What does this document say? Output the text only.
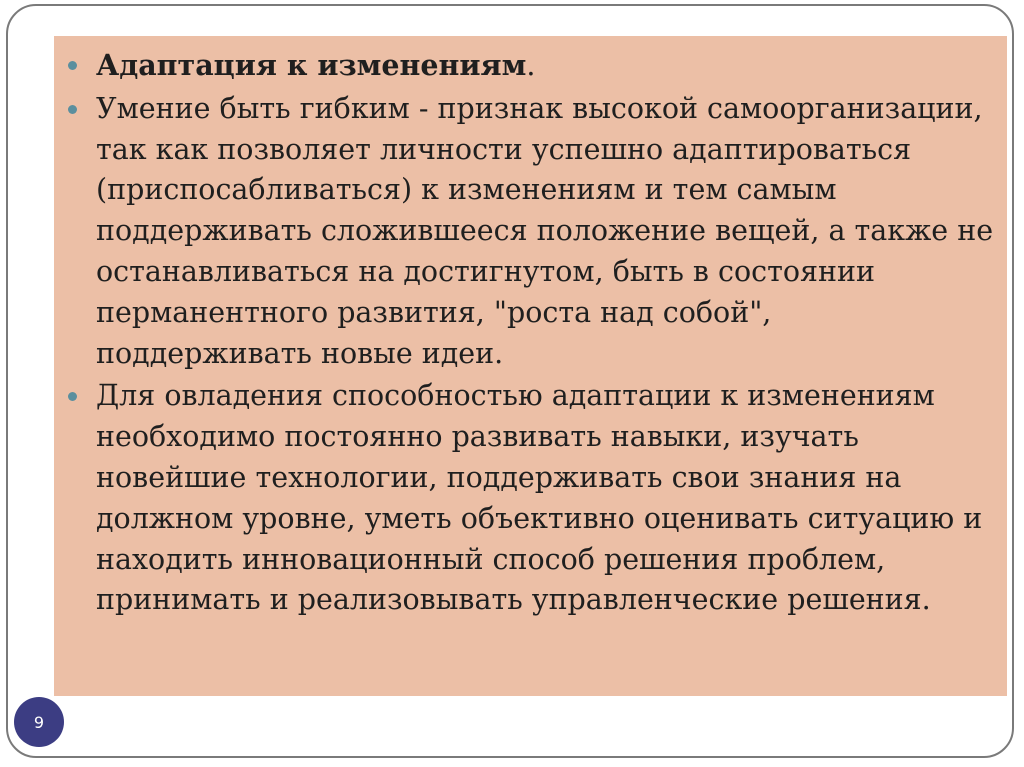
Адаптация к изменениям.
Умение быть гибким - признак высокой самоорганизации, так как позволяет личности успешно адаптироваться (приспосабливаться) к изменениям и тем самым поддерживать сложившееся положение вещей, а также не останавливаться на достигнутом, быть в состоянии перманентного развития, "роста над собой", поддерживать новые идеи.
Для овладения способностью адаптации к изменениям необходимо постоянно развивать навыки, изучать новейшие технологии, поддерживать свои знания на должном уровне, уметь объективно оценивать ситуацию и находить инновационный способ решения проблем, принимать и реализовывать управленческие решения.
9
